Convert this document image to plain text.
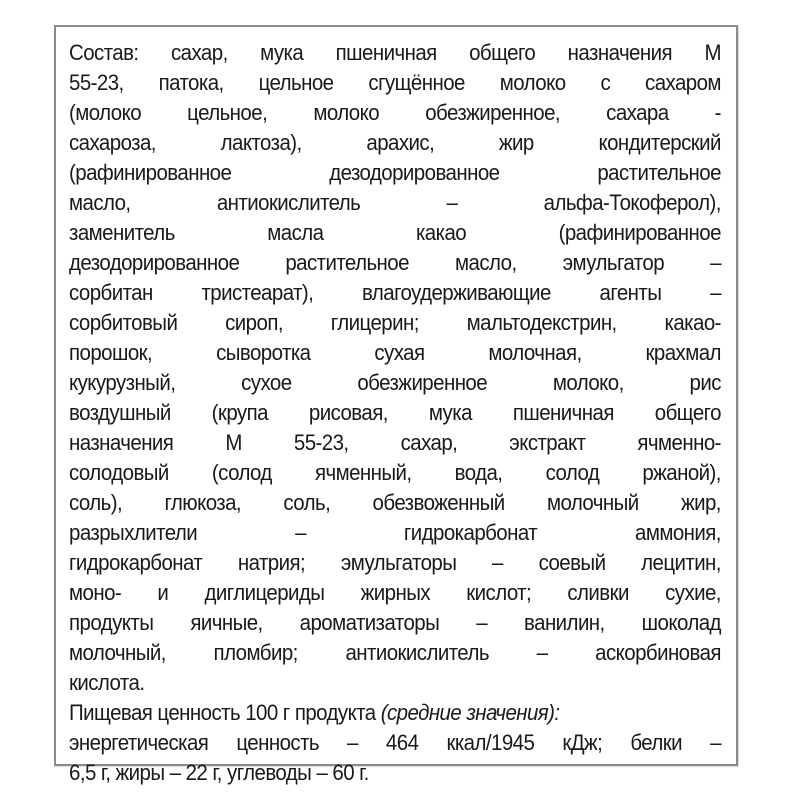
Состав: сахар, мука пшеничная общего назначения М
55-23, патока, цельное сгущённое молоко с сахаром
(молоко цельное, молоко обезжиренное, сахара -
сахароза, лактоза), арахис, жир кондитерский
(рафинированное дезодорированное растительное
масло, антиокислитель – альфа-Токоферол),
заменитель масла какао (рафинированное
дезодорированное растительное масло, эмульгатор –
сорбитан тристеарат), влагоудерживающие агенты –
сорбитовый сироп, глицерин; мальтодекстрин, какао-
порошок, сыворотка сухая молочная, крахмал
кукурузный, сухое обезжиренное молоко, рис
воздушный (крупа рисовая, мука пшеничная общего
назначения М 55-23, сахар, экстракт ячменно-
солодовый (солод ячменный, вода, солод ржаной),
соль), глюкоза, соль, обезвоженный молочный жир,
разрыхлители – гидрокарбонат аммония,
гидрокарбонат натрия; эмульгаторы – соевый лецитин,
моно- и диглицериды жирных кислот; сливки сухие,
продукты яичные, ароматизаторы – ванилин, шоколад
молочный, пломбир; антиокислитель – аскорбиновая
кислота.
Пищевая ценность 100 г продукта (средние значения):
энергетическая ценность – 464 ккал/1945 кДж; белки –
6,5 г, жиры – 22 г, углеводы – 60 г.
